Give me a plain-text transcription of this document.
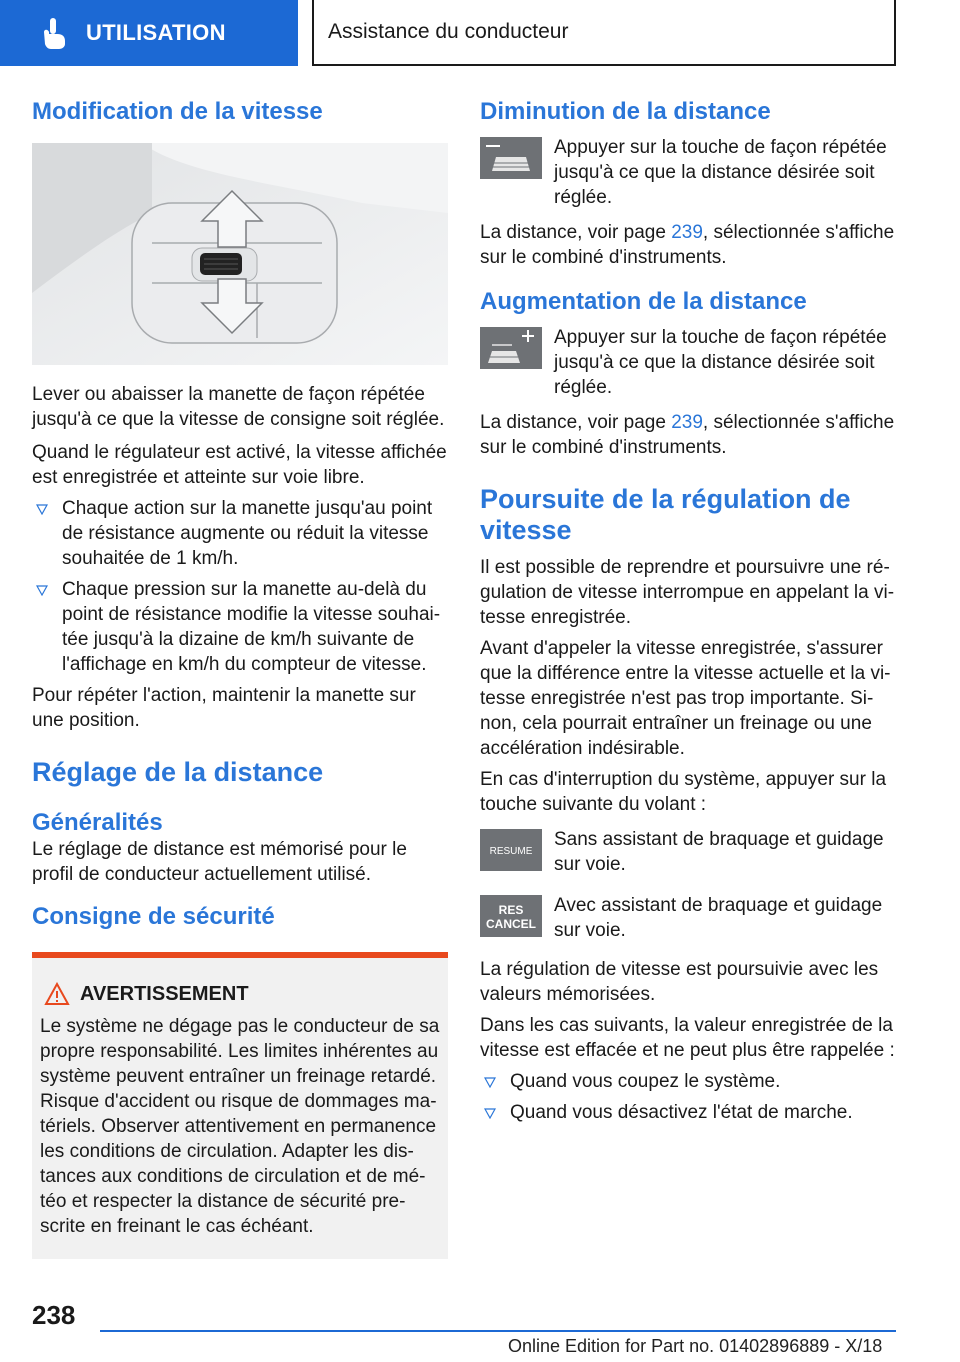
UTILISATION	Assistance du conducteur
Modification de la vitesse

Lever ou abaisser la manette de façon répétée jusqu'à ce que la vitesse de consigne soit réglée.

Quand le régulateur est activé, la vitesse affichée est enregistrée et atteinte sur voie libre.

Chaque action sur la manette jusqu'au point de résistance augmente ou réduit la vitesse souhaitée de 1 km/h.
Chaque pression sur la manette au-delà du point de résistance modifie la vitesse souhaitée jusqu'à la dizaine de km/h suivante de l'affichage en km/h du compteur de vitesse.

Pour répéter l'action, maintenir la manette sur une position.

Réglage de la distance
Généralités

Le réglage de distance est mémorisé pour le profil de conducteur actuellement utilisé.

Consigne de sécurité
AVERTISSEMENT

Le système ne dégage pas le conducteur de sa propre responsabilité. Les limites inhérentes au système peuvent entraîner un freinage retardé. Risque d'accident ou risque de dommages matériels. Observer attentivement en permanence les conditions de circulation. Adapter les distances aux conditions de circulation et de météo et respecter la distance de sécurité prescrite en freinant le cas échéant.

Diminution de la distance

Appuyer sur la touche de façon répétée jusqu'à ce que la distance désirée soit réglée.

La distance, voir page 239, sélectionnée s'affiche sur le combiné d'instruments.

Augmentation de la distance

Appuyer sur la touche de façon répétée jusqu'à ce que la distance désirée soit réglée.

La distance, voir page 239, sélectionnée s'affiche sur le combiné d'instruments.

Poursuite de la régulation de vitesse

Il est possible de reprendre et poursuivre une régulation de vitesse interrompue en appelant la vitesse enregistrée.

Avant d'appeler la vitesse enregistrée, s'assurer que la différence entre la vitesse actuelle et la vitesse enregistrée n'est pas trop importante. Sinon, cela pourrait entraîner un freinage ou une accélération indésirable.

En cas d'interruption du système, appuyer sur la touche suivante du volant :

RESUME

Sans assistant de braquage et guidage sur voie.

RES
CANCEL

Avec assistant de braquage et guidage sur voie.

La régulation de vitesse est poursuivie avec les valeurs mémorisées.

Dans les cas suivants, la valeur enregistrée de la vitesse est effacée et ne peut plus être rappelée :

Quand vous coupez le système.
Quand vous désactivez l'état de marche.
238
Online Edition for Part no. 01402896889 - X/18
